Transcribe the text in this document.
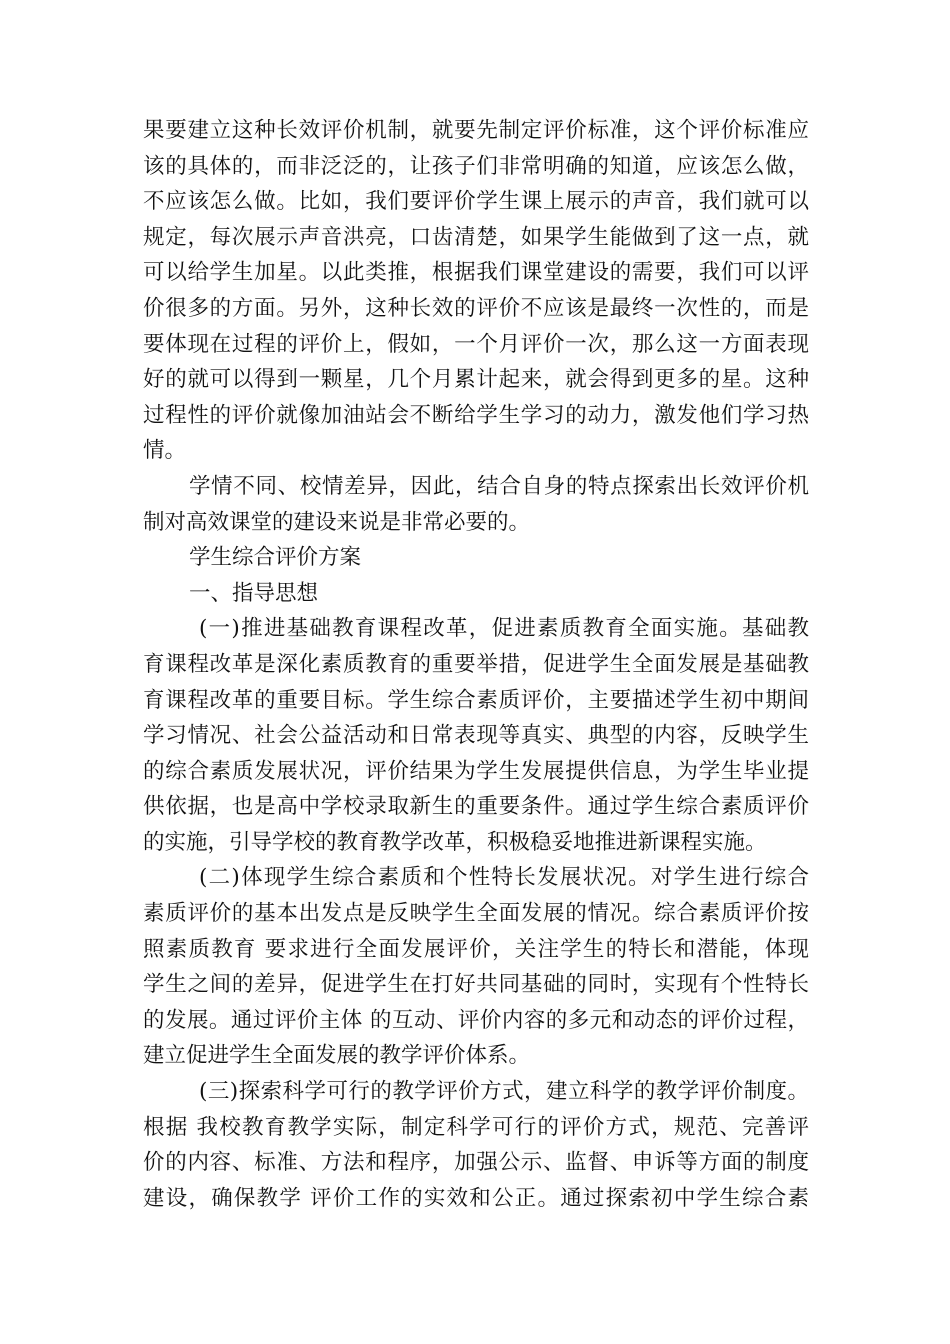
果要建立这种长效评价机制，就要先制定评价标准，这个评价标准应
该的具体的，而非泛泛的，让孩子们非常明确的知道，应该怎么做，
不应该怎么做。比如，我们要评价学生课上展示的声音，我们就可以
规定，每次展示声音洪亮，口齿清楚，如果学生能做到了这一点，就
可以给学生加星。以此类推，根据我们课堂建设的需要，我们可以评
价很多的方面。另外，这种长效的评价不应该是最终一次性的，而是
要体现在过程的评价上，假如，一个月评价一次，那么这一方面表现
好的就可以得到一颗星，几个月累计起来，就会得到更多的星。这种
过程性的评价就像加油站会不断给学生学习的动力，激发他们学习热
情。
学情不同、校情差异，因此，结合自身的特点探索出长效评价机
制对高效课堂的建设来说是非常必要的。
学生综合评价方案
一、指导思想
(一)推进基础教育课程改革，促进素质教育全面实施。基础教
育课程改革是深化素质教育的重要举措，促进学生全面发展是基础教
育课程改革的重要目标。学生综合素质评价，主要描述学生初中期间
学习情况、社会公益活动和日常表现等真实、典型的内容，反映学生
的综合素质发展状况，评价结果为学生发展提供信息，为学生毕业提
供依据，也是高中学校录取新生的重要条件。通过学生综合素质评价
的实施，引导学校的教育教学改革，积极稳妥地推进新课程实施。
(二)体现学生综合素质和个性特长发展状况。对学生进行综合
素质评价的基本出发点是反映学生全面发展的情况。综合素质评价按
照素质教育 要求进行全面发展评价，关注学生的特长和潜能，体现
学生之间的差异，促进学生在打好共同基础的同时，实现有个性特长
的发展。通过评价主体 的互动、评价内容的多元和动态的评价过程，
建立促进学生全面发展的教学评价体系。
(三)探索科学可行的教学评价方式，建立科学的教学评价制度。
根据 我校教育教学实际，制定科学可行的评价方式，规范、完善评
价的内容、标准、方法和程序，加强公示、监督、申诉等方面的制度
建设，确保教学 评价工作的实效和公正。通过探索初中学生综合素
